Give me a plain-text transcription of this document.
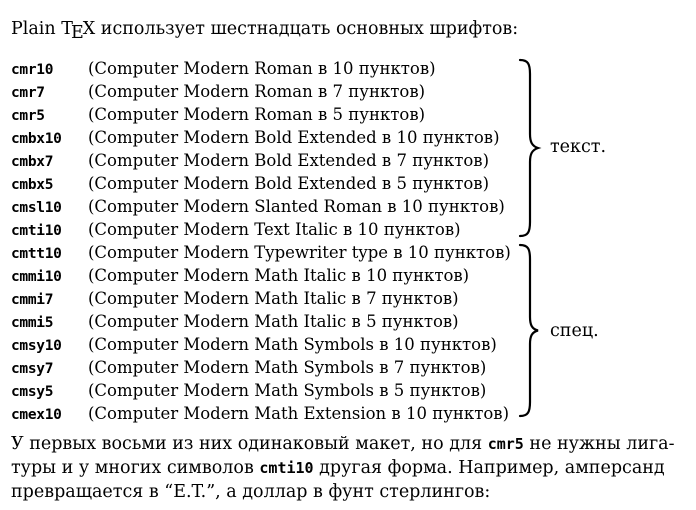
Plain TEX использует шестнадцать основных шрифтов:
cmr10 (Computer Modern Roman в 10 пунктов)
cmr7	(Computer Modern Roman в 7 пунктов)
cmr5	(Computer Modern Roman в 5 пунктов)
cmbx10 (Computer Modern Bold Extended в 10 пунктов)
cmbx7 (Computer Modern Bold Extended в 7 пунктов)
cmbx5 (Computer Modern Bold Extended в 5 пунктов)
cmsl10 (Computer Modern Slanted Roman в 10 пунктов)
cmti10 (Computer Modern Text Italic в 10 пунктов)
cmtt10 (Computer Modern Typewriter type в 10 пунктов)
cmmi10 (Computer Modern Math Italic в 10 пунктов)
cmmi7 (Computer Modern Math Italic в 7 пунктов)
cmmi5 (Computer Modern Math Italic в 5 пунктов)
cmsy10 (Computer Modern Math Symbols в 10 пунктов)
cmsy7 (Computer Modern Math Symbols в 7 пунктов)
cmsy5 (Computer Modern Math Symbols в 5 пунктов)
cmex10 (Computer Modern Math Extension в 10 пунктов)
текст.
спец.
У первых восьми из них одинаковый макет, но для cmr5 не нужны лига-
туры и у многих символов cmti10 другая форма. Например, амперсанд
превращается в “E.T.”, а доллар в фунт стерлингов:
